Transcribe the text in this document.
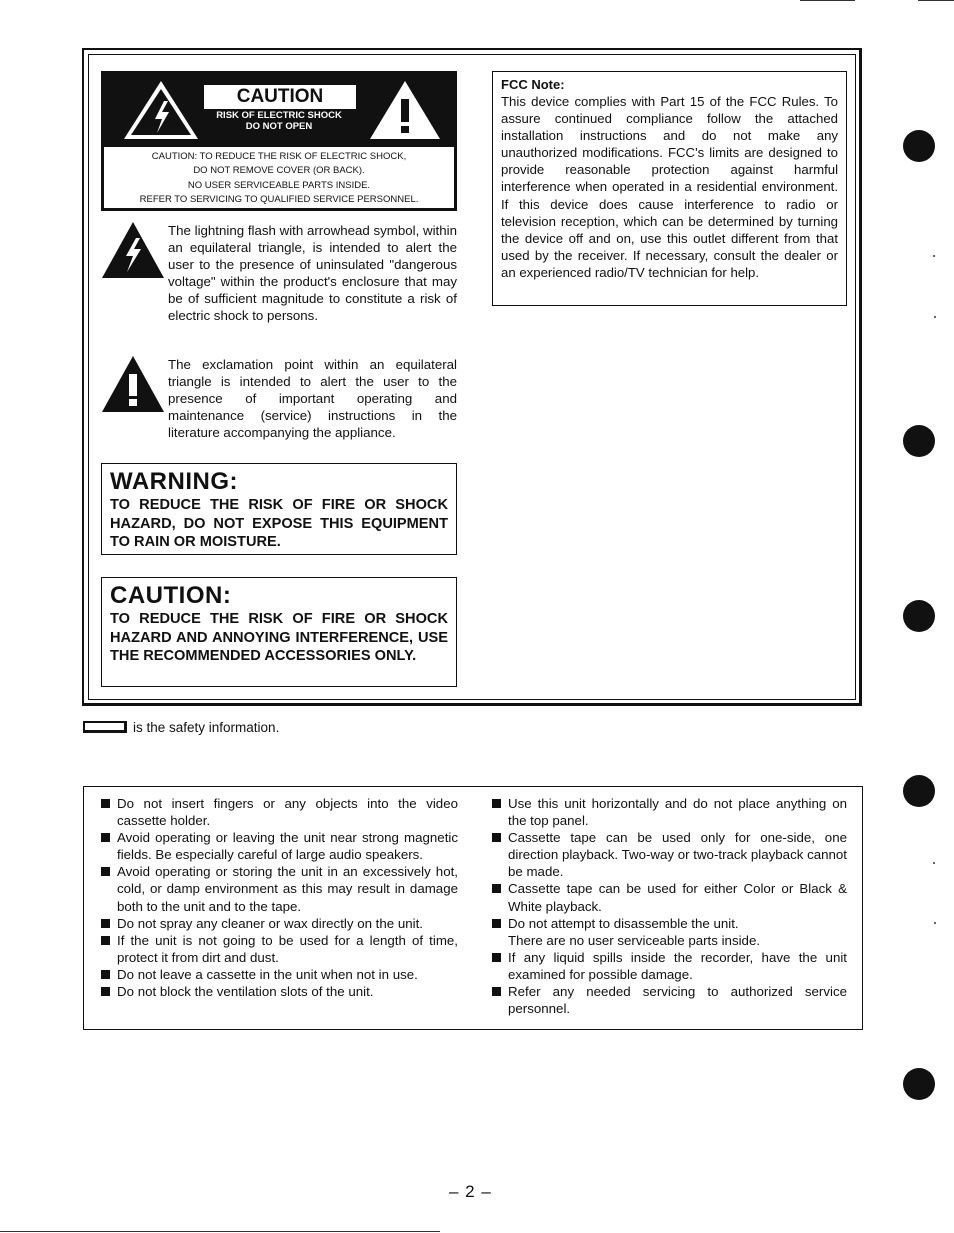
CAUTION
RISK OF ELECTRIC SHOCK
DO NOT OPEN
CAUTION: TO REDUCE THE RISK OF ELECTRIC SHOCK,
DO NOT REMOVE COVER (OR BACK).
NO USER SERVICEABLE PARTS INSIDE.
REFER TO SERVICING TO QUALIFIED SERVICE PERSONNEL.
The lightning flash with arrowhead symbol, within an equilateral triangle, is intended to alert the user to the presence of uninsulated "dangerous voltage" within the product's enclosure that may be of sufficient magnitude to constitute a risk of electric shock to persons.
The exclamation point within an equilateral triangle is intended to alert the user to the presence of important operating and maintenance (service) instructions in the literature accompanying the appliance.
WARNING:
TO REDUCE THE RISK OF FIRE OR SHOCK HAZARD, DO NOT EXPOSE THIS EQUIPMENT TO RAIN OR MOISTURE.
CAUTION:
TO REDUCE THE RISK OF FIRE OR SHOCK HAZARD AND ANNOYING INTERFERENCE, USE THE RECOMMENDED ACCESSORIES ONLY.
FCC Note:
This device complies with Part 15 of the FCC Rules. To assure continued compliance follow the attached installation instructions and do not make any unauthorized modifications. FCC's limits are designed to provide reasonable protection against harmful interference when operated in a residential environment. If this device does cause interference to radio or television reception, which can be determined by turning the device off and on, use this outlet different from that used by the receiver. If necessary, consult the dealer or an experienced radio/TV technician for help.
is the safety information.
Do not insert fingers or any objects into the video cassette holder.
Avoid operating or leaving the unit near strong magnetic fields. Be especially careful of large audio speakers.
Avoid operating or storing the unit in an excessively hot, cold, or damp environment as this may result in damage both to the unit and to the tape.
Do not spray any cleaner or wax directly on the unit.
If the unit is not going to be used for a length of time, protect it from dirt and dust.
Do not leave a cassette in the unit when not in use.
Do not block the ventilation slots of the unit.
Use this unit horizontally and do not place anything on the top panel.
Cassette tape can be used only for one-side, one direction playback. Two-way or two-track playback cannot be made.
Cassette tape can be used for either Color or Black & White playback.
Do not attempt to disassemble the unit.
There are no user serviceable parts inside.
If any liquid spills inside the recorder, have the unit examined for possible damage.
Refer any needed servicing to authorized service personnel.
– 2 –
